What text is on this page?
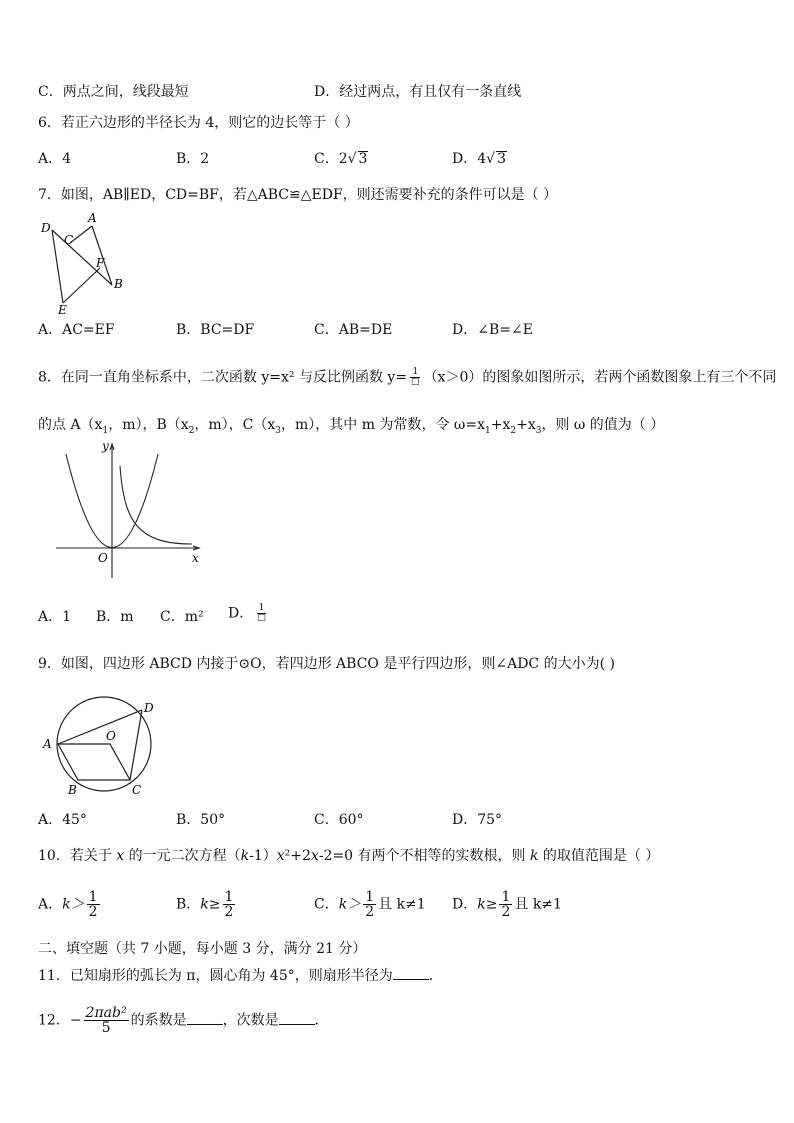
C．两点之间，线段最短	D．经过两点，有且仅有一条直线
6．若正六边形的半径长为 4，则它的边长等于（ ）
A．4	B．2	C．2√ 3	D．4√ 3
7．如图，AB∥ED，CD=BF，若△ABC≌△EDF，则还需要补充的条件可以是（ ）
D
A
C
F
B
E
A．AC=EF	B．BC=DF	C．AB=DE	D．∠B=∠E
8．在同一直角坐标系中，二次函数 y=x² 与反比例函数 $y= \frac{1}{□} (x>0)$的图象如图所示，若两个函数图象上有三个不同
的点 $A(x_1$，m），$B(x_2$，m），$C(x_3$，m），其中 m 为常数，令 $\omega=x_1+x_2+x_3$，则 ω 的值为（ ）
y
x
O
A．1 B．m C．m² D． $\frac{1}{□}$
9．如图，四边形 ABCD 内接于⊙O，若四边形 ABCO 是平行四边形，则∠ADC 的大小为( )
A
B	C
D
O
A．45°	B．50°	C．60°	D．75°
10．若关于 x 的一元二次方程（k-1）x²+2x-2=0 有两个不相等的实数根，则 k 的取值范围是（ ）
A．$k> \frac{1}{2}$	B．$k\ge \frac{1}{2}$	C．$k> \frac{1}{2}$ 且 k≠1 D．$k\ge \frac{1}{2}$ 且 k≠1
二、填空题（共 7 小题，每小题 3 分，满分 21 分）
11．已知扇形的弧长为 π，圆心角为 45°，则扇形半径为	．
12．− $\frac{\text{2πab²}}{5}$ 的系数是	，次数是	．
